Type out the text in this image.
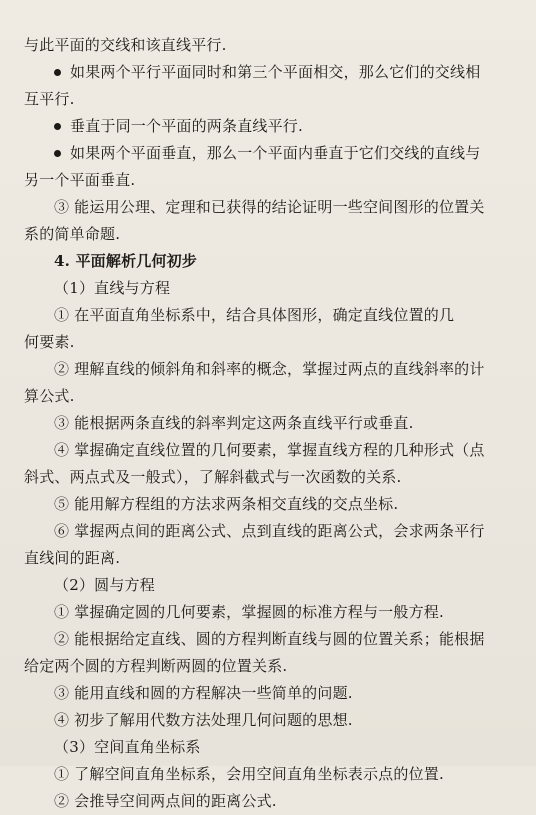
与此平面的交线和该直线平行.
如果两个平行平面同时和第三个平面相交，那么它们的交线相
互平行.
垂直于同一个平面的两条直线平行.
如果两个平面垂直，那么一个平面内垂直于它们交线的直线与
另一个平面垂直.
③ 能运用公理、定理和已获得的结论证明一些空间图形的位置关
系的简单命题.
4. 平面解析几何初步
（1）直线与方程
① 在平面直角坐标系中，结合具体图形，确定直线位置的几
何要素.
② 理解直线的倾斜角和斜率的概念，掌握过两点的直线斜率的计
算公式.
③ 能根据两条直线的斜率判定这两条直线平行或垂直.
④ 掌握确定直线位置的几何要素，掌握直线方程的几种形式（点
斜式、两点式及一般式），了解斜截式与一次函数的关系.
⑤ 能用解方程组的方法求两条相交直线的交点坐标.
⑥ 掌握两点间的距离公式、点到直线的距离公式，会求两条平行
直线间的距离.
（2）圆与方程
① 掌握确定圆的几何要素，掌握圆的标准方程与一般方程.
② 能根据给定直线、圆的方程判断直线与圆的位置关系；能根据
给定两个圆的方程判断两圆的位置关系.
③ 能用直线和圆的方程解决一些简单的问题.
④ 初步了解用代数方法处理几何问题的思想.
（3）空间直角坐标系
① 了解空间直角坐标系，会用空间直角坐标表示点的位置.
② 会推导空间两点间的距离公式.
